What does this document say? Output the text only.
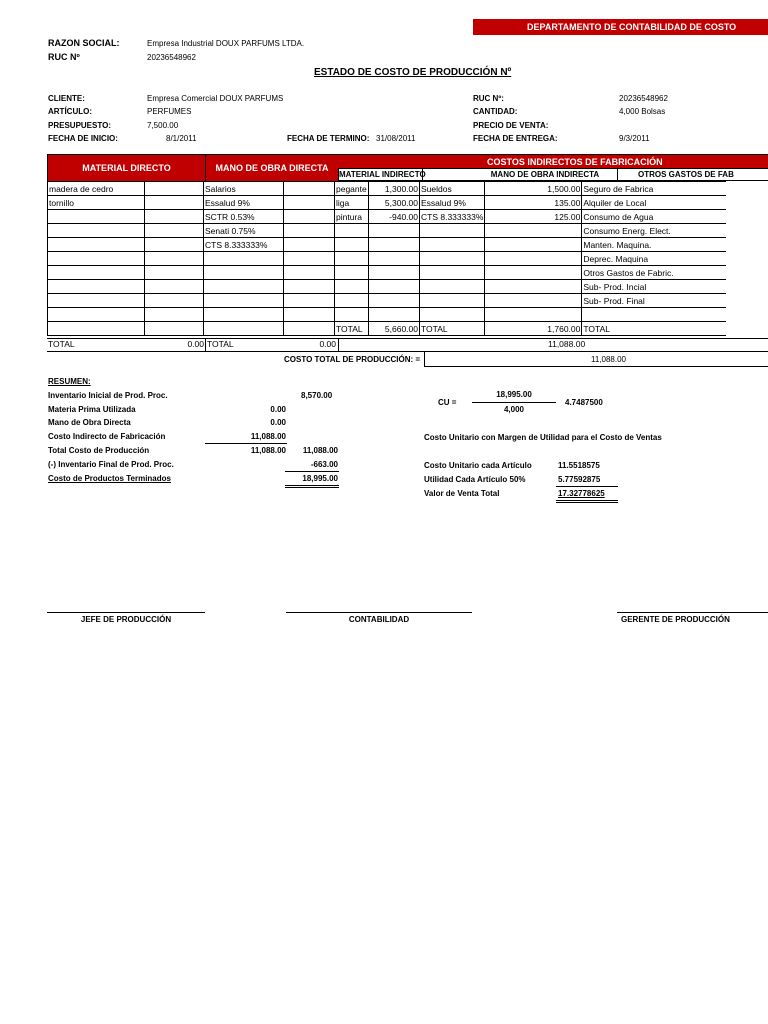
DEPARTAMENTO DE CONTABILIDAD DE COSTO
RAZON SOCIAL:	Empresa Industrial DOUX PARFUMS LTDA.
RUC Nº	20236548962
ESTADO DE COSTO DE PRODUCCIÓN Nº
CLIENTE:	Empresa Comercial DOUX PARFUMS
ARTÍCULO:	PERFUMES
PRESUPUESTO:	7,500.00
FECHA DE INICIO:	8/1/2011	FECHA DE TERMINO: 31/08/2011
RUC Nº:	20236548962
CANTIDAD:	4,000 Bolsas
PRECIO DE VENTA:
FECHA DE ENTREGA:	9/3/2011
MATERIAL DIRECTO	MANO DE OBRA DIRECTA
COSTOS INDIRECTOS DE FABRICACIÓN
MATERIAL INDIRECTO	MANO DE OBRA INDIRECTA	OTROS GASTOS DE FAB
madera de cedro		Salarios		pegante	1,300.00	Sueldos	1,500.00	Seguro de Fabrica
tornillo		Essalud 9%		liga	5,300.00	Essalud 9%	135.00	Alquiler de Local
		SCTR 0.53%		pintura	-940.00	CTS 8.333333%	125.00	Consumo de Agua
		Senati 0.75%						Consumo Energ. Elect.
		CTS 8.333333%						Manten. Maquina.
								Deprec. Maquina
								Otros Gastos de Fabric.
								Sub- Prod. Incial
								Sub- Prod. Final

				TOTAL	5,660.00	TOTAL	1,760.00	TOTAL
TOTAL	0.00 TOTAL	0.00	11,088.00
COSTO TOTAL DE PRODUCCIÓN: =	11,088.00
RESUMEN:
Inventario Inicial de Prod. Proc.	8,570.00
Materia Prima Utilizada	0.00
Mano de Obra Directa	0.00
Costo Indirecto de Fabricación	11,088.00
Total Costo de Producción	11,088.00	11,088.00
(-) Inventario Final de Prod. Proc.	-663.00
Costo de Productos Terminados	18,995.00
CU =
18,995.00
4,000
4.7487500
Costo Unitario con Margen de Utilidad para el Costo de Ventas
Costo Unitario cada Artículo	11.5518575
Utilidad Cada Artículo 50%	5.77592875
Valor de Venta Total	17.32778625
JEFE DE PRODUCCIÓN	CONTABILIDAD	GERENTE DE PRODUCCIÓN
